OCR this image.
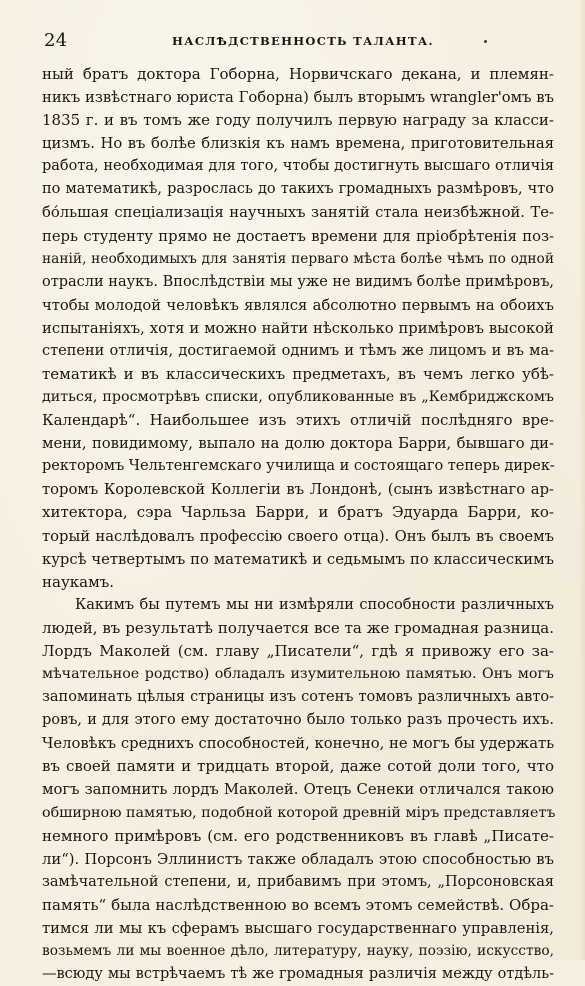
24	НАСЛѢДСТВЕННОСТЬ ТАЛАНТА.
ный братъ доктора Гоборна, Норвичскаго декана, и племян-
никъ извѣстнаго юриста Гоборна) былъ вторымъ wrangler'омъ въ
1835 г. и въ томъ же году получилъ первую награду за класси-
цизмъ. Но въ болѣе близкія къ намъ времена, приготовительная
работа, необходимая для того, чтобы достигнуть высшаго отличія
по математикѣ, разрослась до такихъ громадныхъ размѣровъ, что
бо́льшая спеціализація научныхъ занятій стала неизбѣжной. Те-
перь студенту прямо не достаетъ времени для пріобрѣтенія поз-
наній, необходимыхъ для занятія перваго мѣста болѣе чѣмъ по одной
отрасли наукъ. Впослѣдствіи мы уже не видимъ болѣе примѣровъ,
чтобы молодой человѣкъ являлся абсолютно первымъ на обоихъ
испытаніяхъ, хотя и можно найти нѣсколько примѣровъ высокой
степени отличія, достигаемой однимъ и тѣмъ же лицомъ и въ ма-
тематикѣ и въ классическихъ предметахъ, въ чемъ легко убѣ-
диться, просмотрѣвъ списки, опубликованные въ „Кембриджскомъ
Календарѣ“. Наибольшее изъ этихъ отличій послѣдняго вре-
мени, повидимому, выпало на долю доктора Барри, бывшаго ди-
ректоромъ Чельтенгемскаго училища и состоящаго теперь дирек-
торомъ Королевской Коллегіи въ Лондонѣ, (сынъ извѣстнаго ар-
хитектора, сэра Чарльза Барри, и братъ Эдуарда Барри, ко-
торый наслѣдовалъ профессію своего отца). Онъ былъ въ своемъ
курсѣ четвертымъ по математикѣ и седьмымъ по классическимъ
наукамъ.
Какимъ бы путемъ мы ни измѣряли способности различныхъ
людей, въ результатѣ получается все та же громадная разница.
Лордъ Маколей (см. главу „Писатели“, гдѣ я привожу его за-
мѣчательное родство) обладалъ изумительною памятью. Онъ могъ
запоминать цѣлыя страницы изъ сотенъ томовъ различныхъ авто-
ровъ, и для этого ему достаточно было только разъ прочесть ихъ.
Человѣкъ среднихъ способностей, конечно, не могъ бы удержать
въ своей памяти и тридцать второй, даже сотой доли того, что
могъ запомнить лордъ Маколей. Отецъ Сенеки отличался такою
обширною памятью, подобной которой древній міръ представляетъ
немного примѣровъ (см. его родственниковъ въ главѣ „Писате-
ли“). Порсонъ Эллинистъ также обладалъ этою способностью въ
замѣчательной степени, и, прибавимъ при этомъ, „Порсоновская
память“ была наслѣдственною во всемъ этомъ семействѣ. Обра-
тимся ли мы къ сферамъ высшаго государственнаго управленія,
возьмемъ ли мы военное дѣло, литературу, науку, поэзію, искусство,
—всюду мы встрѣчаемъ тѣ же громадныя различія между отдѣль-
